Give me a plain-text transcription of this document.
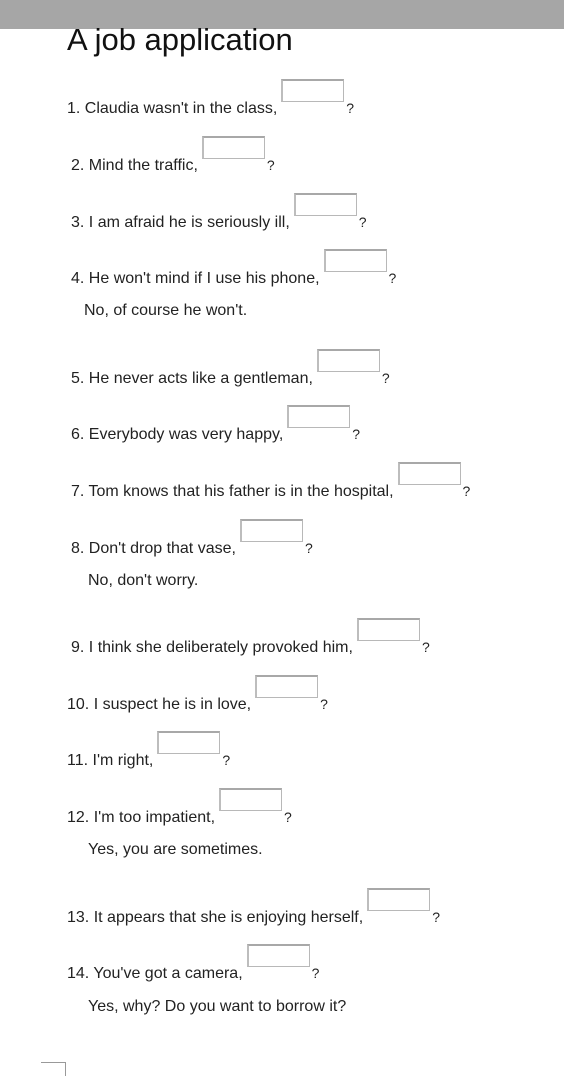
A job application
1. Claudia wasn't in the class,	?
2. Mind the traffic,	?
3. I am afraid he is seriously ill,	?
4. He won't mind if I use his phone,	?
No, of course he won't.
5. He never acts like a gentleman,	?
6. Everybody was very happy,	?
7. Tom knows that his father is in the hospital,	?
8. Don't drop that vase,	?
No, don't worry.
9. I think she deliberately provoked him,	?
10. I suspect he is in love,	?
11. I'm right,	?
12. I'm too impatient,	?
Yes, you are sometimes.
13. It appears that she is enjoying herself,	?
14. You've got a camera,	?
Yes, why? Do you want to borrow it?
